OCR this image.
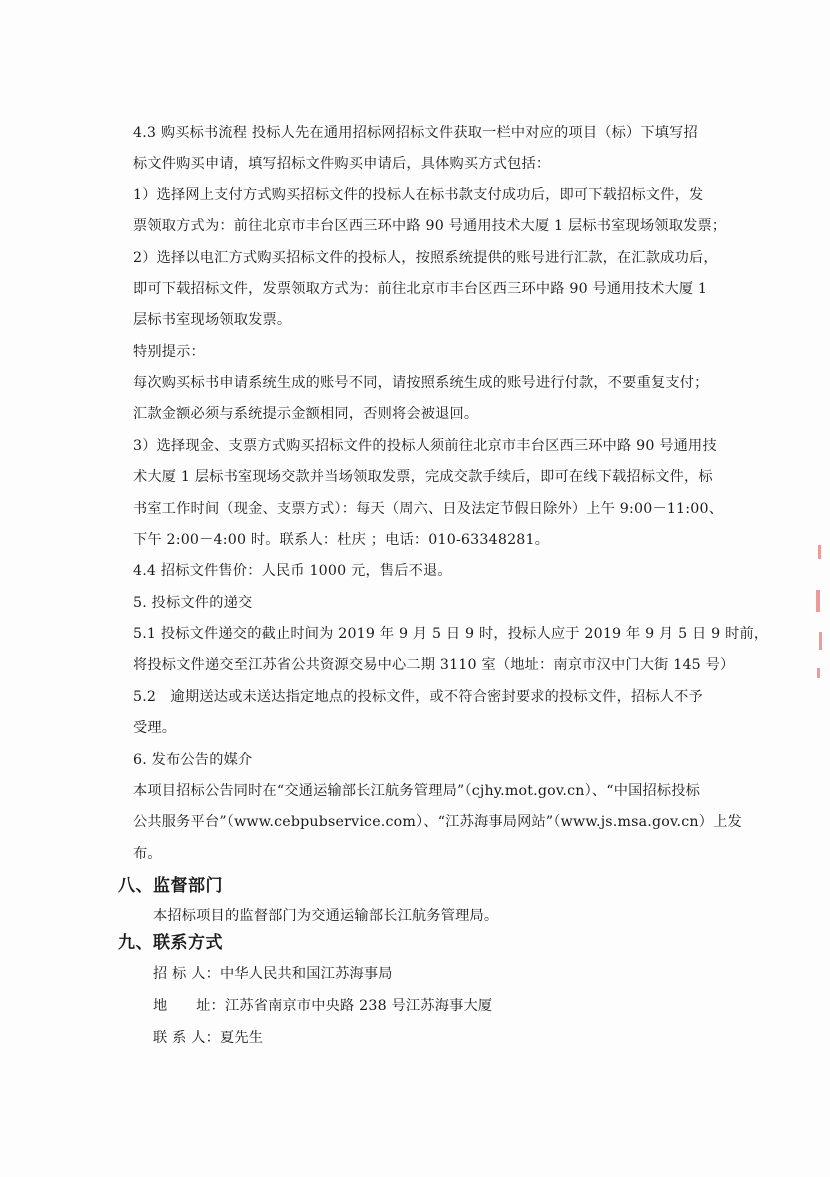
4.3 购买标书流程 投标人先在通用招标网招标文件获取一栏中对应的项目（标）下填写招
标文件购买申请，填写招标文件购买申请后，具体购买方式包括：
1）选择网上支付方式购买招标文件的投标人在标书款支付成功后，即可下载招标文件，发
票领取方式为：前往北京市丰台区西三环中路 90 号通用技术大厦 1 层标书室现场领取发票；
2）选择以电汇方式购买招标文件的投标人，按照系统提供的账号进行汇款，在汇款成功后，
即可下载招标文件，发票领取方式为：前往北京市丰台区西三环中路 90 号通用技术大厦 1
层标书室现场领取发票。
特别提示：
每次购买标书申请系统生成的账号不同，请按照系统生成的账号进行付款，不要重复支付；
汇款金额必须与系统提示金额相同，否则将会被退回。
3）选择现金、支票方式购买招标文件的投标人须前往北京市丰台区西三环中路 90 号通用技
术大厦 1 层标书室现场交款并当场领取发票，完成交款手续后，即可在线下载招标文件，标
书室工作时间（现金、支票方式）：每天（周六、日及法定节假日除外）上午 9:00－11:00、
下午 2:00－4:00 时。联系人：杜庆 ；电话：010-63348281。
4.4 招标文件售价：人民币 1000 元，售后不退。
5. 投标文件的递交
5.1 投标文件递交的截止时间为 2019 年 9 月 5 日 9 时，投标人应于 2019 年 9 月 5 日 9 时前，
将投标文件递交至江苏省公共资源交易中心二期 3110 室（地址：南京市汉中门大街 145 号）
5.2　逾期送达或未送达指定地点的投标文件，或不符合密封要求的投标文件，招标人不予
受理。
6. 发布公告的媒介
本项目招标公告同时在“交通运输部长江航务管理局”（cjhy.mot.gov.cn）、“中国招标投标
公共服务平台”（www.cebpubservice.com）、“江苏海事局网站”（www.js.msa.gov.cn）上发
布。
八、监督部门
本招标项目的监督部门为交通运输部长江航务管理局。
九、联系方式
招 标 人：中华人民共和国江苏海事局
地　　址：江苏省南京市中央路 238 号江苏海事大厦
联 系 人：夏先生
